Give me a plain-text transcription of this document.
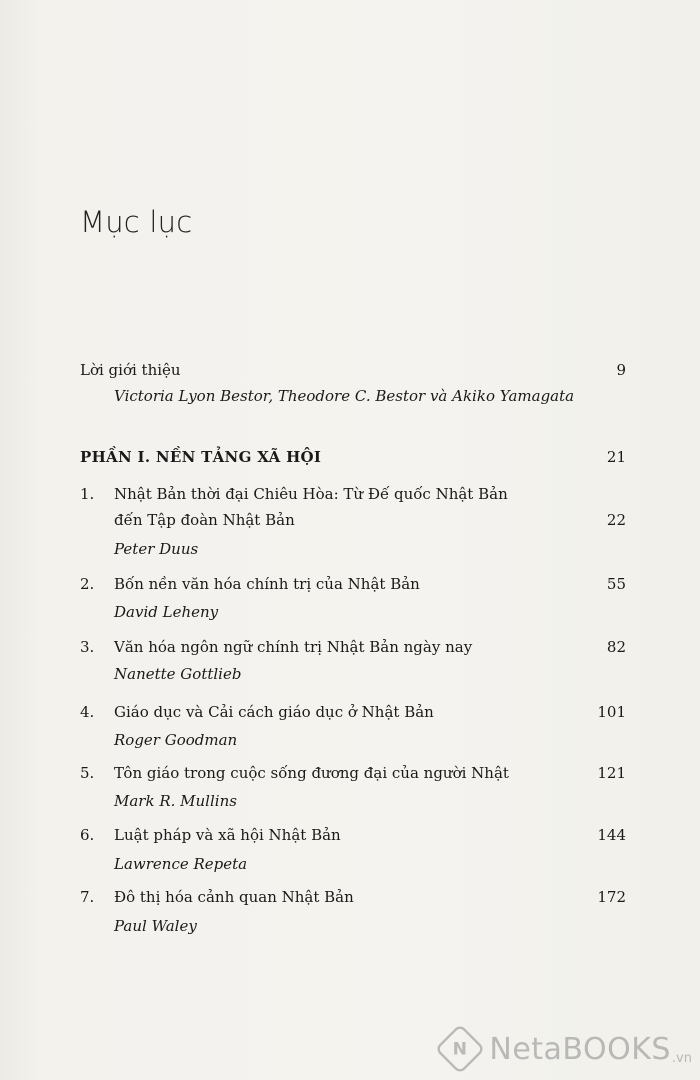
Mục lục
Lời giới thiệu	9
Victoria Lyon Bestor, Theodore C. Bestor và Akiko Yamagata
PHẦN I. NỀN TẢNG XÃ HỘI	21
1. Nhật Bản thời đại Chiêu Hòa: Từ Đế quốc Nhật Bản
đến Tập đoàn Nhật Bản	22
Peter Duus
2. Bốn nền văn hóa chính trị của Nhật Bản	55
David Leheny
3. Văn hóa ngôn ngữ chính trị Nhật Bản ngày nay	82
Nanette Gottlieb
4. Giáo dục và Cải cách giáo dục ở Nhật Bản	101
Roger Goodman
5. Tôn giáo trong cuộc sống đương đại của người Nhật	121
Mark R. Mullins
6. Luật pháp và xã hội Nhật Bản	144
Lawrence Repeta
7. Đô thị hóa cảnh quan Nhật Bản	172
Paul Waley
N NetaBOOKS .vn
